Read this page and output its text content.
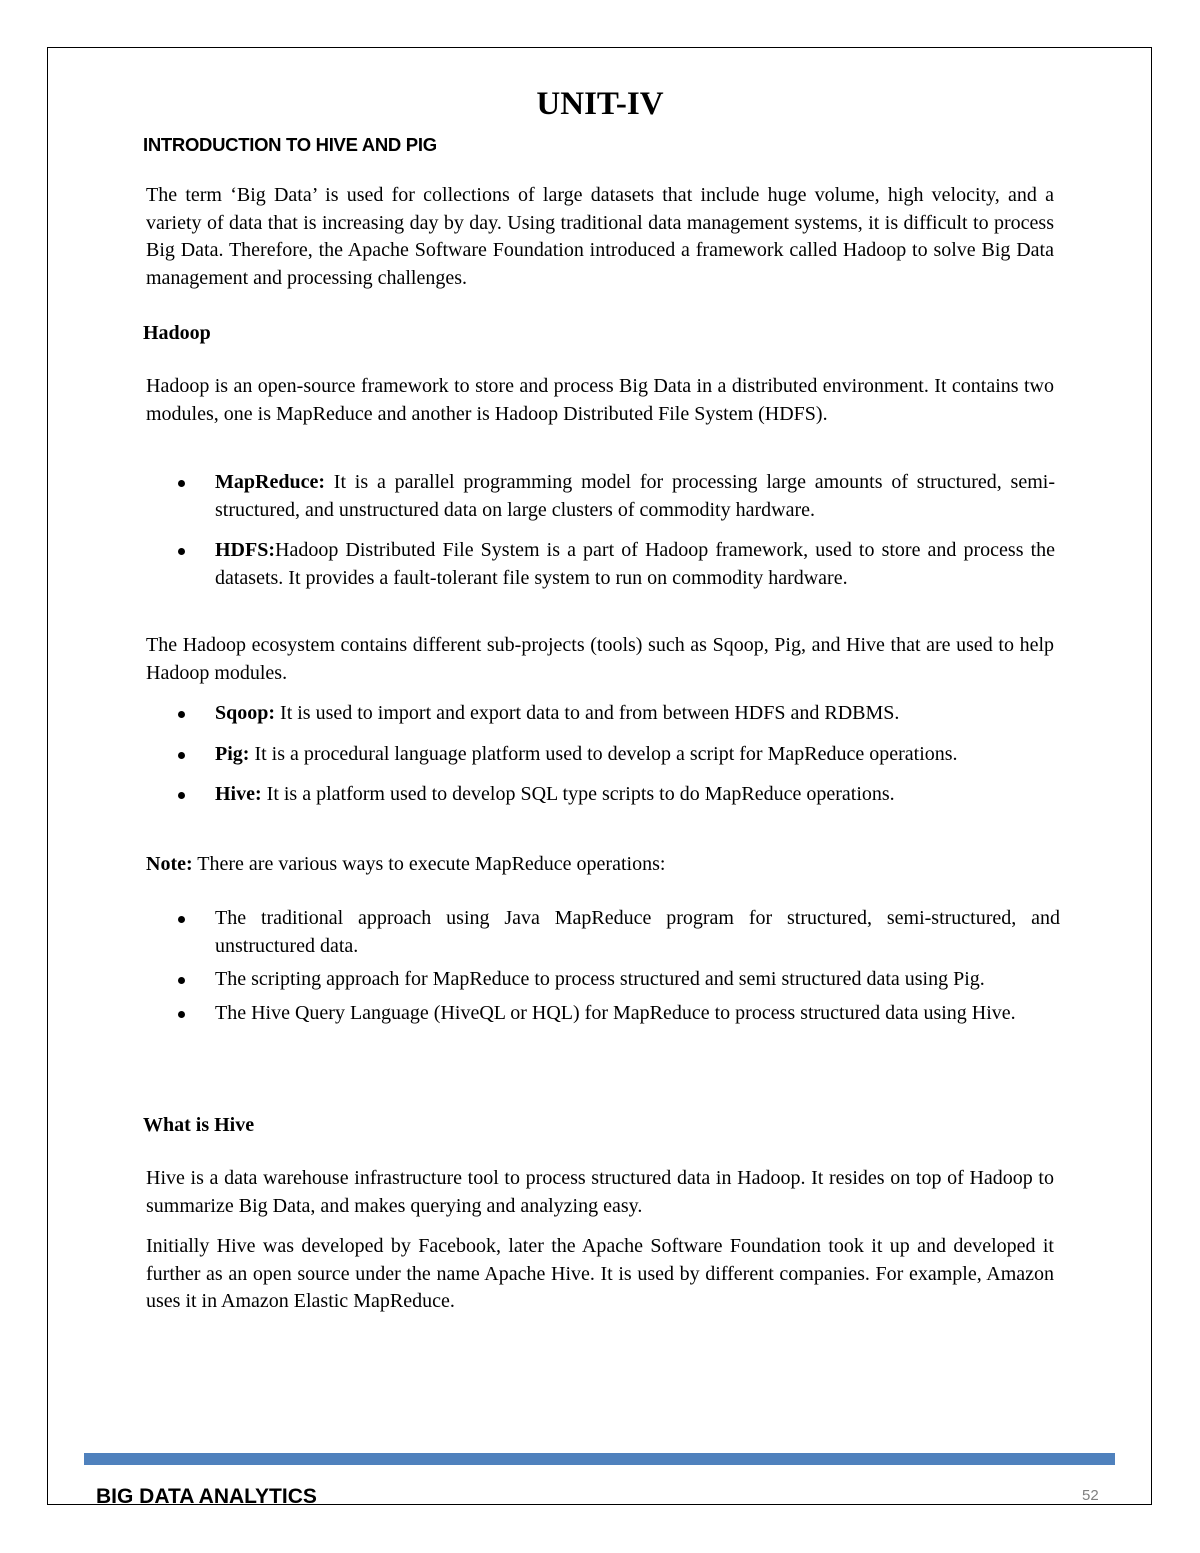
UNIT-IV
INTRODUCTION TO HIVE AND PIG

The term ‘Big Data’ is used for collections of large datasets that include huge volume, high velocity, and a variety of data that is increasing day by day. Using traditional data management systems, it is difficult to process Big Data. Therefore, the Apache Software Foundation introduced a framework called Hadoop to solve Big Data management and processing challenges.

Hadoop

Hadoop is an open-source framework to store and process Big Data in a distributed environment. It contains two modules, one is MapReduce and another is Hadoop Distributed File System (HDFS).

MapReduce: It is a parallel programming model for processing large amounts of structured, semi-structured, and unstructured data on large clusters of commodity hardware.
HDFS:Hadoop Distributed File System is a part of Hadoop framework, used to store and process the datasets. It provides a fault-tolerant file system to run on commodity hardware.

The Hadoop ecosystem contains different sub-projects (tools) such as Sqoop, Pig, and Hive that are used to help Hadoop modules.

Sqoop: It is used to import and export data to and from between HDFS and RDBMS.
Pig: It is a procedural language platform used to develop a script for MapReduce operations.
Hive: It is a platform used to develop SQL type scripts to do MapReduce operations.

Note: There are various ways to execute MapReduce operations:

The traditional approach using Java MapReduce program for structured, semi-structured, and unstructured data.
The scripting approach for MapReduce to process structured and semi structured data using Pig.
The Hive Query Language (HiveQL or HQL) for MapReduce to process structured data using Hive.
What is Hive

Hive is a data warehouse infrastructure tool to process structured data in Hadoop. It resides on top of Hadoop to summarize Big Data, and makes querying and analyzing easy.

Initially Hive was developed by Facebook, later the Apache Software Foundation took it up and developed it further as an open source under the name Apache Hive. It is used by different companies. For example, Amazon uses it in Amazon Elastic MapReduce.

BIG DATA ANALYTICS	52
